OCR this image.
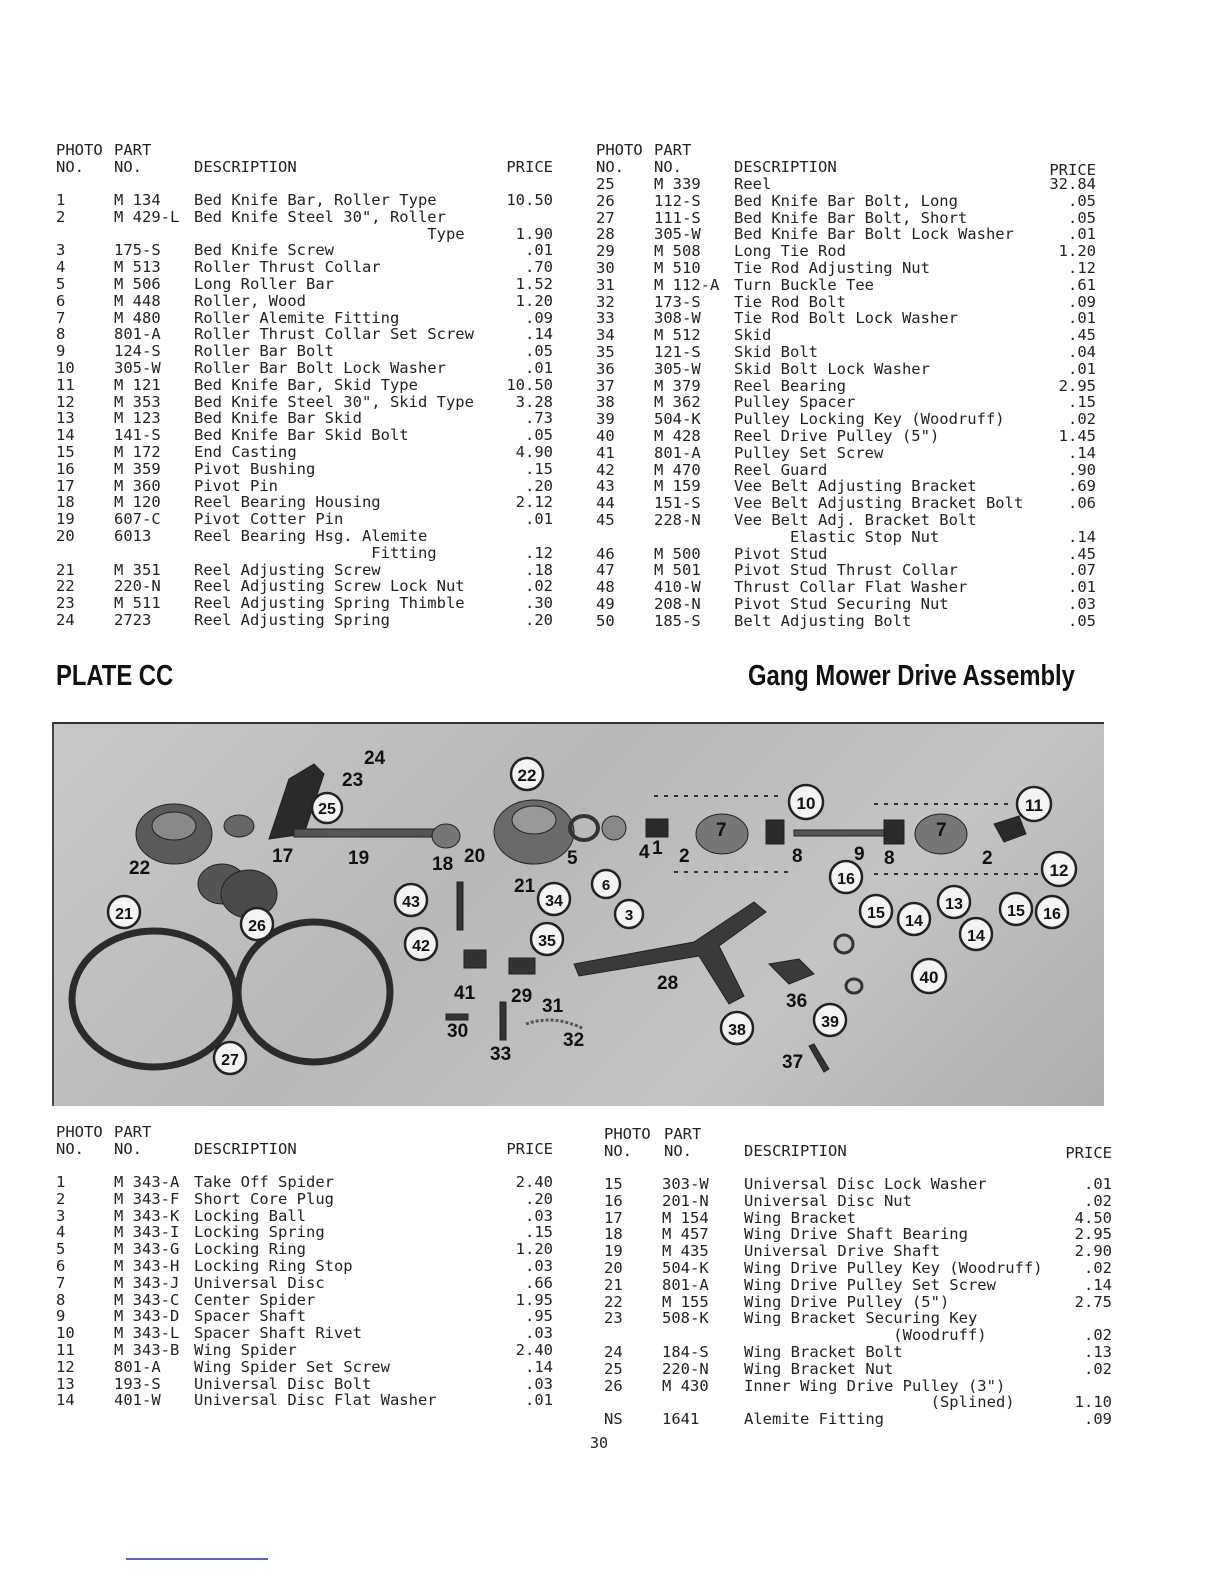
PHOTO PART
NO. NO.	DESCRIPTION	PRICE
1	M 134 Bed Knife Bar, Roller Type	10.50
2	M 429-L Bed Knife Steel 30", Roller
Type	1.90
3	175-S Bed Knife Screw	.01
4	M 513 Roller Thrust Collar	.70
5	M 506 Long Roller Bar	1.52
6	M 448 Roller, Wood	1.20
7	M 480 Roller Alemite Fitting	.09
8	801-A Roller Thrust Collar Set Screw	.14
9	124-S Roller Bar Bolt	.05
10	305-W Roller Bar Bolt Lock Washer	.01
11	M 121 Bed Knife Bar, Skid Type	10.50
12	M 353 Bed Knife Steel 30", Skid Type	3.28
13	M 123 Bed Knife Bar Skid	.73
14	141-S Bed Knife Bar Skid Bolt	.05
15	M 172 End Casting	4.90
16	M 359 Pivot Bushing	.15
17	M 360 Pivot Pin	.20
18	M 120 Reel Bearing Housing	2.12
19	607-C Pivot Cotter Pin	.01
20	6013	Reel Bearing Hsg. Alemite
Fitting	.12
21	M 351 Reel Adjusting Screw	.18
22	220-N Reel Adjusting Screw Lock Nut	.02
23	M 511 Reel Adjusting Spring Thimble	.30
24	2723	Reel Adjusting Spring	.20
PHOTO PART
NO. NO.	DESCRIPTION	PRICE
25	M 339 Reel	32.84
26	112-S Bed Knife Bar Bolt, Long	.05
27	111-S Bed Knife Bar Bolt, Short	.05
28	305-W Bed Knife Bar Bolt Lock Washer	.01
29	M 508 Long Tie Rod	1.20
30	M 510 Tie Rod Adjusting Nut	.12
31	M 112-A Turn Buckle Tee	.61
32	173-S Tie Rod Bolt	.09
33	308-W Tie Rod Bolt Lock Washer	.01
34	M 512 Skid	.45
35	121-S Skid Bolt	.04
36	305-W Skid Bolt Lock Washer	.01
37	M 379 Reel Bearing	2.95
38	M 362 Pulley Spacer	.15
39	504-K Pulley Locking Key (Woodruff)	.02
40	M 428 Reel Drive Pulley (5")	1.45
41	801-A Pulley Set Screw	.14
42	M 470 Reel Guard	.90
43	M 159 Vee Belt Adjusting Bracket	.69
44	151-S Vee Belt Adjusting Bracket Bolt	.06
45	228-N Vee Belt Adj. Bracket Bolt
Elastic Stop Nut	.14
46	M 500 Pivot Stud	.45
47	M 501 Pivot Stud Thrust Collar	.07
48	410-W Thrust Collar Flat Washer	.01
49	208-N Pivot Stud Securing Nut	.03
50	185-S Belt Adjusting Bolt	.05
PLATE CC	Gang Mower Drive Assembly
22
25	10	11
12
16
15 14
13
14
15 16
21
26
43
42
34
35
6
3
40
39
38
27
24
23
17	19	18 20
22	5	4 1 2
7
8	9 8
7
2
21
28
41 29 31
30	32
33
36
37
PHOTO PART
NO. NO.	DESCRIPTION	PRICE
1	M 343-A Take Off Spider	2.40
2	M 343-F Short Core Plug	.20
3	M 343-K Locking Ball	.03
4	M 343-I Locking Spring	.15
5	M 343-G Locking Ring	1.20
6	M 343-H Locking Ring Stop	.03
7	M 343-J Universal Disc	.66
8	M 343-C Center Spider	1.95
9	M 343-D Spacer Shaft	.95
10	M 343-L Spacer Shaft Rivet	.03
11	M 343-B Wing Spider	2.40
12	801-A Wing Spider Set Screw	.14
13	193-S Universal Disc Bolt	.03
14	401-W Universal Disc Flat Washer	.01
PHOTO PART
NO. NO.	DESCRIPTION	PRICE
15	303-W Universal Disc Lock Washer	.01
16	201-N Universal Disc Nut	.02
17	M 154 Wing Bracket	4.50
18	M 457 Wing Drive Shaft Bearing	2.95
19	M 435 Universal Drive Shaft	2.90
20	504-K Wing Drive Pulley Key (Woodruff)	.02
21	801-A Wing Drive Pulley Set Screw	.14
22	M 155 Wing Drive Pulley (5")	2.75
23	508-K Wing Bracket Securing Key
(Woodruff)	.02
24	184-S Wing Bracket Bolt	.13
25	220-N Wing Bracket Nut	.02
26	M 430 Inner Wing Drive Pulley (3")
(Splined)	1.10
NS	1641	Alemite Fitting	.09
30
